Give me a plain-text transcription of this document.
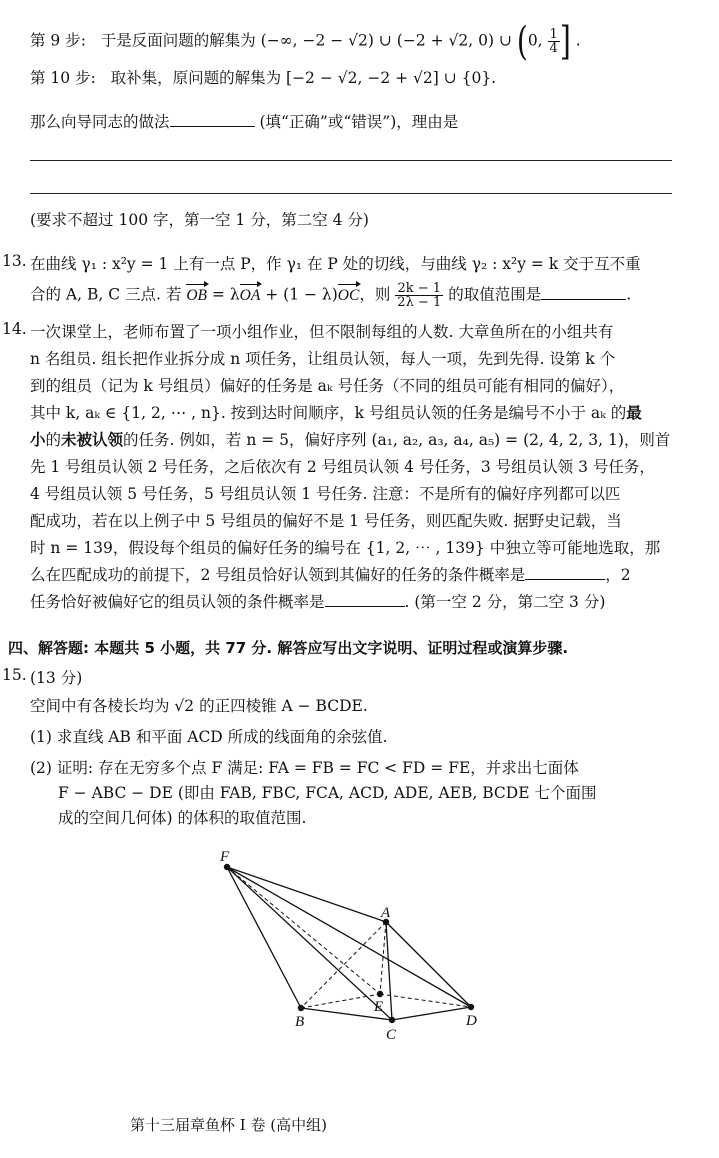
第 9 步: 于是反面问题的解集为 (−∞, −2 − √2) ∪ (−2 + √2, 0) ∪ (0, $\frac{1}{4}$ ] .
第 10 步: 取补集，原问题的解集为 [−2 − √2, −2 + √2] ∪ {0}.
那么向导同志的做法	(填“正确”或“错误”)，理由是
(要求不超过 100 字，第一空 1 分，第二空 4 分)
13. 在曲线 γ₁ : x²y = 1 上有一点 P，作 γ₁ 在 P 处的切线，与曲线 γ₂ : x²y = k 交于互不重
合的 A, B, C 三点. 若 OB = λOA + (1 − λ)OC，则 $\frac{2k - 1}{2\lambda - 1}$ 的取值范围是	.
14. 一次课堂上，老师布置了一项小组作业，但不限制每组的人数. 大章鱼所在的小组共有
n 名组员. 组长把作业拆分成 n 项任务，让组员认领，每人一项，先到先得. 设第 k 个
到的组员（记为 k 号组员）偏好的任务是 aₖ 号任务（不同的组员可能有相同的偏好），
其中 k, aₖ ∈ {1, 2, ⋯ , n}. 按到达时间顺序，k 号组员认领的任务是编号不小于 aₖ 的最
小的未被认领的任务. 例如，若 n = 5，偏好序列 (a₁, a₂, a₃, a₄, a₅) = (2, 4, 2, 3, 1)，则首
先 1 号组员认领 2 号任务，之后依次有 2 号组员认领 4 号任务，3 号组员认领 3 号任务，
4 号组员认领 5 号任务，5 号组员认领 1 号任务. 注意：不是所有的偏好序列都可以匹
配成功，若在以上例子中 5 号组员的偏好不是 1 号任务，则匹配失败. 据野史记载，当
时 n = 139，假设每个组员的偏好任务的编号在 {1, 2, ⋯ , 139} 中独立等可能地选取，那
么在匹配成功的前提下，2 号组员恰好认领到其偏好的任务的条件概率是	，2
任务恰好被偏好它的组员认领的条件概率是	. (第一空 2 分，第二空 3 分)
四、解答题: 本题共 5 小题，共 77 分. 解答应写出文字说明、证明过程或演算步骤.
15. (13 分)
空间中有各棱长均为 √2 的正四棱锥 A − BCDE.
(1) 求直线 AB 和平面 ACD 所成的线面角的余弦值.
(2) 证明: 存在无穷多个点 F 满足: FA = FB = FC < FD = FE，并求出七面体
F − ABC − DE (即由 FAB, FBC, FCA, ACD, ADE, AEB, BCDE 七个面围
成的空间几何体) 的体积的取值范围.
F
A
B
C
D
E
第十三届章鱼杯 I 卷 (高中组)
